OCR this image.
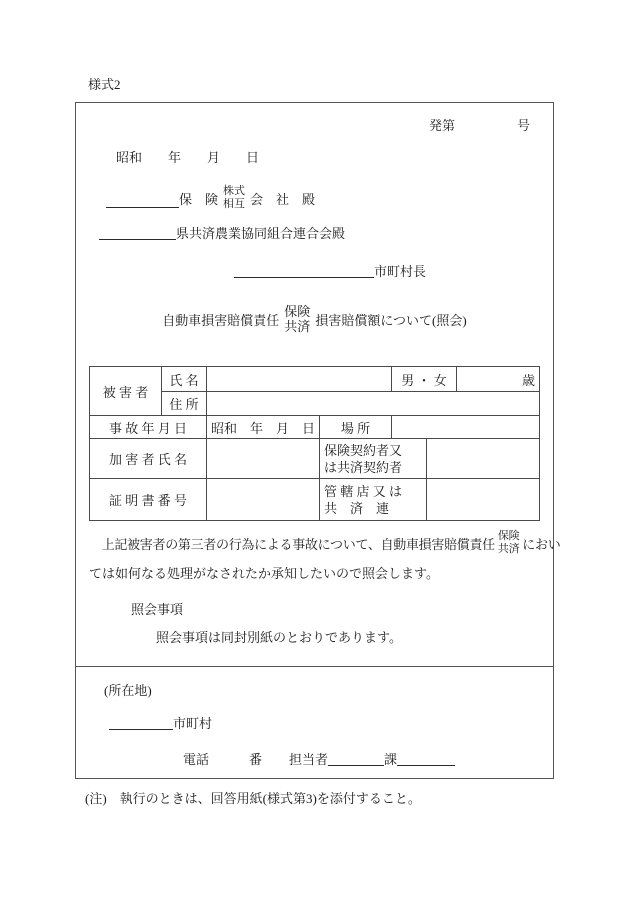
様式2
発第	号
昭和　　年　　月　　日
保　険
株式
相互 会　社　殿
県共済農業協同組合連合会殿
市町村長
自動車損害賠償責任
保険
共済 損害賠償額について(照会)
被 害 者	氏 名			男 ・ 女		歳
	住 所					
事 故 年 月 日		昭和　年　月　日	場 所			
加 害 者 氏 名			保険契約者又
は共済契約者			

証 明 書 番 号			管 轄 店 又 は
共　済　連			

　上記被害者の第三者の行為による事故について、自動車損害賠償責任
保険
共済 におい
ては如何なる処理がなされたか承知したいので照会します。
照会事項
照会事項は同封別紙のとおりであります。
(所在地)
市町村
電話	番 担当者	課
(注)　執行のときは、回答用紙(様式第3)を添付すること。
